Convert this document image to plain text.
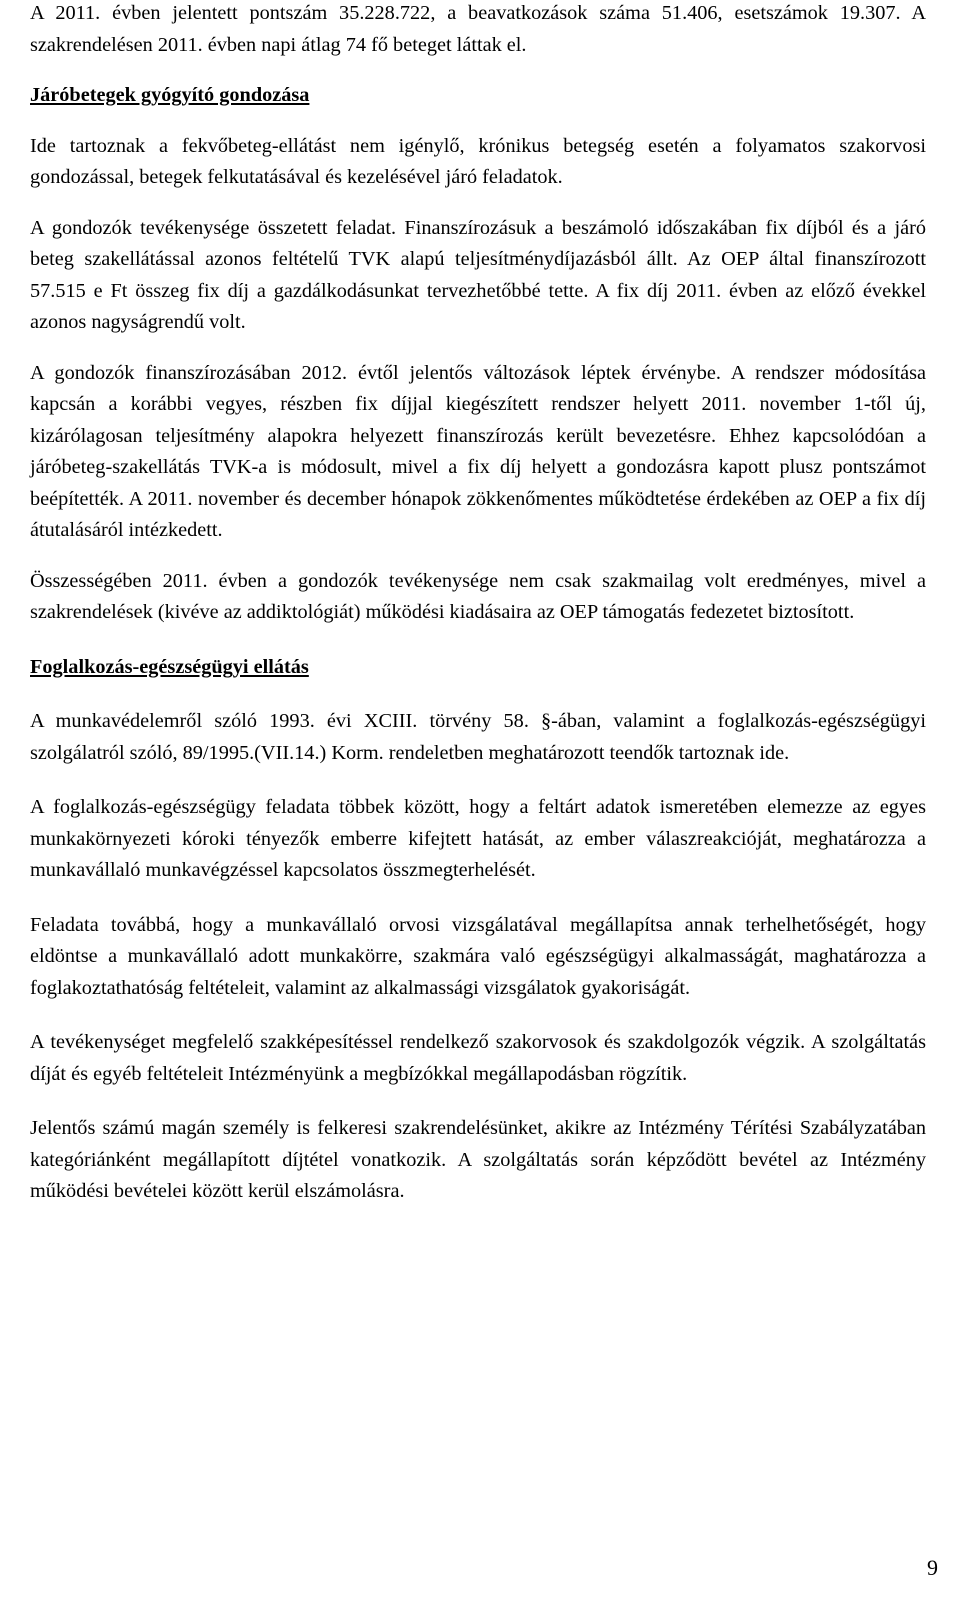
A 2011. évben jelentett pontszám 35.228.722, a beavatkozások száma 51.406, esetszámok 19.307. A szakrendelésen 2011. évben napi átlag 74 fő beteget láttak el.

Járóbetegek gyógyító gondozása

Ide tartoznak a fekvőbeteg-ellátást nem igénylő, krónikus betegség esetén a folyamatos szakorvosi gondozással, betegek felkutatásával és kezelésével járó feladatok.

A gondozók tevékenysége összetett feladat. Finanszírozásuk a beszámoló időszakában fix díjból és a járó beteg szakellátással azonos feltételű TVK alapú teljesítménydíjazásból állt. Az OEP által finanszírozott 57.515 e Ft összeg fix díj a gazdálkodásunkat tervezhetőbbé tette. A fix díj 2011. évben az előző évekkel azonos nagyságrendű volt.

A gondozók finanszírozásában 2012. évtől jelentős változások léptek érvénybe. A rendszer módosítása kapcsán a korábbi vegyes, részben fix díjjal kiegészített rendszer helyett 2011. november 1-től új, kizárólagosan teljesítmény alapokra helyezett finanszírozás került bevezetésre. Ehhez kapcsolódóan a járóbeteg-szakellátás TVK-a is módosult, mivel a fix díj helyett a gondozásra kapott plusz pontszámot beépítették. A 2011. november és december hónapok zökkenőmentes működtetése érdekében az OEP a fix díj átutalásáról intézkedett.

Összességében 2011. évben a gondozók tevékenysége nem csak szakmailag volt eredményes, mivel a szakrendelések (kivéve az addiktológiát) működési kiadásaira az OEP támogatás fedezetet biztosított.

Foglalkozás-egészségügyi ellátás

A munkavédelemről szóló 1993. évi XCIII. törvény 58. §-ában, valamint a foglalkozás-egészségügyi szolgálatról szóló, 89/1995.(VII.14.) Korm. rendeletben meghatározott teendők tartoznak ide.

A foglalkozás-egészségügy feladata többek között, hogy a feltárt adatok ismeretében elemezze az egyes munkakörnyezeti kóroki tényezők emberre kifejtett hatását, az ember válaszreakcióját, meghatározza a munkavállaló munkavégzéssel kapcsolatos összmegterhelését.

Feladata továbbá, hogy a munkavállaló orvosi vizsgálatával megállapítsa annak terhelhetőségét, hogy eldöntse a munkavállaló adott munkakörre, szakmára való egészségügyi alkalmasságát, maghatározza a foglakoztathatóság feltételeit, valamint az alkalmassági vizsgálatok gyakoriságát.

A tevékenységet megfelelő szakképesítéssel rendelkező szakorvosok és szakdolgozók végzik. A szolgáltatás díját és egyéb feltételeit Intézményünk a megbízókkal megállapodásban rögzítik.

Jelentős számú magán személy is felkeresi szakrendelésünket, akikre az Intézmény Térítési Szabályzatában kategóriánként megállapított díjtétel vonatkozik. A szolgáltatás során képződött bevétel az Intézmény működési bevételei között kerül elszámolásra.

9
